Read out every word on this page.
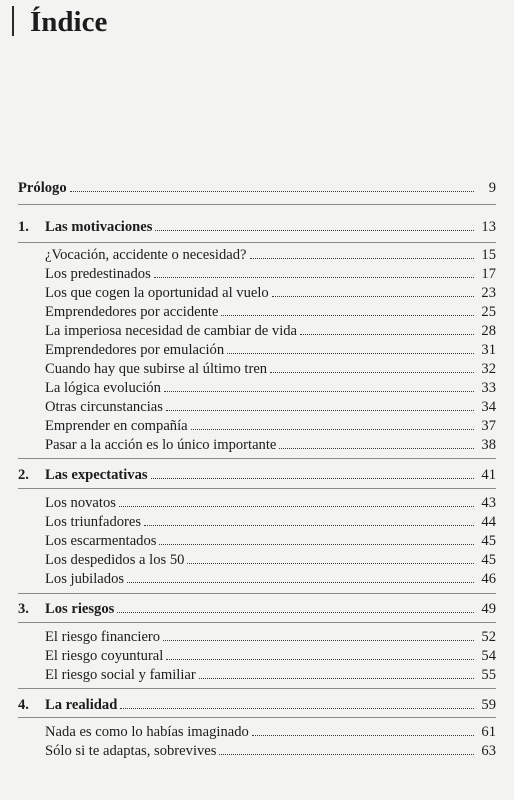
Índice
Prólogo	9
1.	Las motivaciones	13
¿Vocación, accidente o necesidad?	15
Los predestinados	17
Los que cogen la oportunidad al vuelo	23
Emprendedores por accidente	25
La imperiosa necesidad de cambiar de vida	28
Emprendedores por emulación	31
Cuando hay que subirse al último tren	32
La lógica evolución	33
Otras circunstancias	34
Emprender en compañía	37
Pasar a la acción es lo único importante	38
2.	Las expectativas	41
Los novatos	43
Los triunfadores	44
Los escarmentados	45
Los despedidos a los 50	45
Los jubilados	46
3.	Los riesgos	49
El riesgo financiero	52
El riesgo coyuntural	54
El riesgo social y familiar	55
4.	La realidad	59
Nada es como lo habías imaginado	61
Sólo si te adaptas, sobrevives	63
